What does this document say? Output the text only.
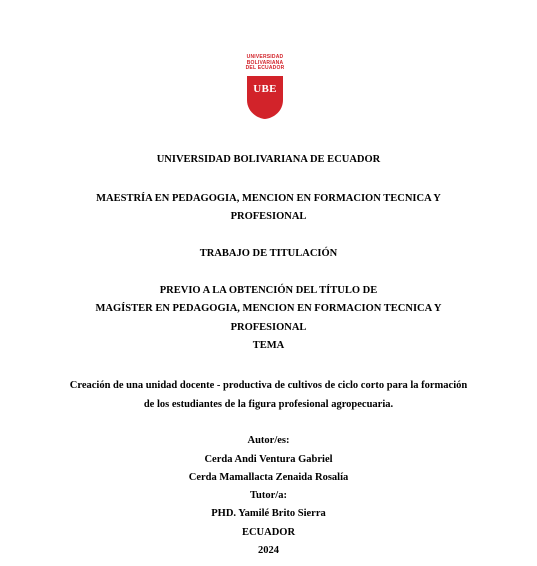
UNIVERSIDAD
BOLIVARIANA
DEL ECUADOR
UBE
UNIVERSIDAD BOLIVARIANA DE ECUADOR
MAESTRÍA EN PEDAGOGIA, MENCION EN FORMACION TECNICA Y
PROFESIONAL
TRABAJO DE TITULACIÓN
PREVIO A LA OBTENCIÓN DEL TÍTULO DE
MAGÍSTER EN PEDAGOGIA, MENCION EN FORMACION TECNICA Y
PROFESIONAL
TEMA
Creación de una unidad docente - productiva de cultivos de ciclo corto para la formación
de los estudiantes de la figura profesional agropecuaria.
Autor/es:
Cerda Andi Ventura Gabriel
Cerda Mamallacta Zenaida Rosalía
Tutor/a:
PHD. Yamilé Brito Sierra
ECUADOR
2024
